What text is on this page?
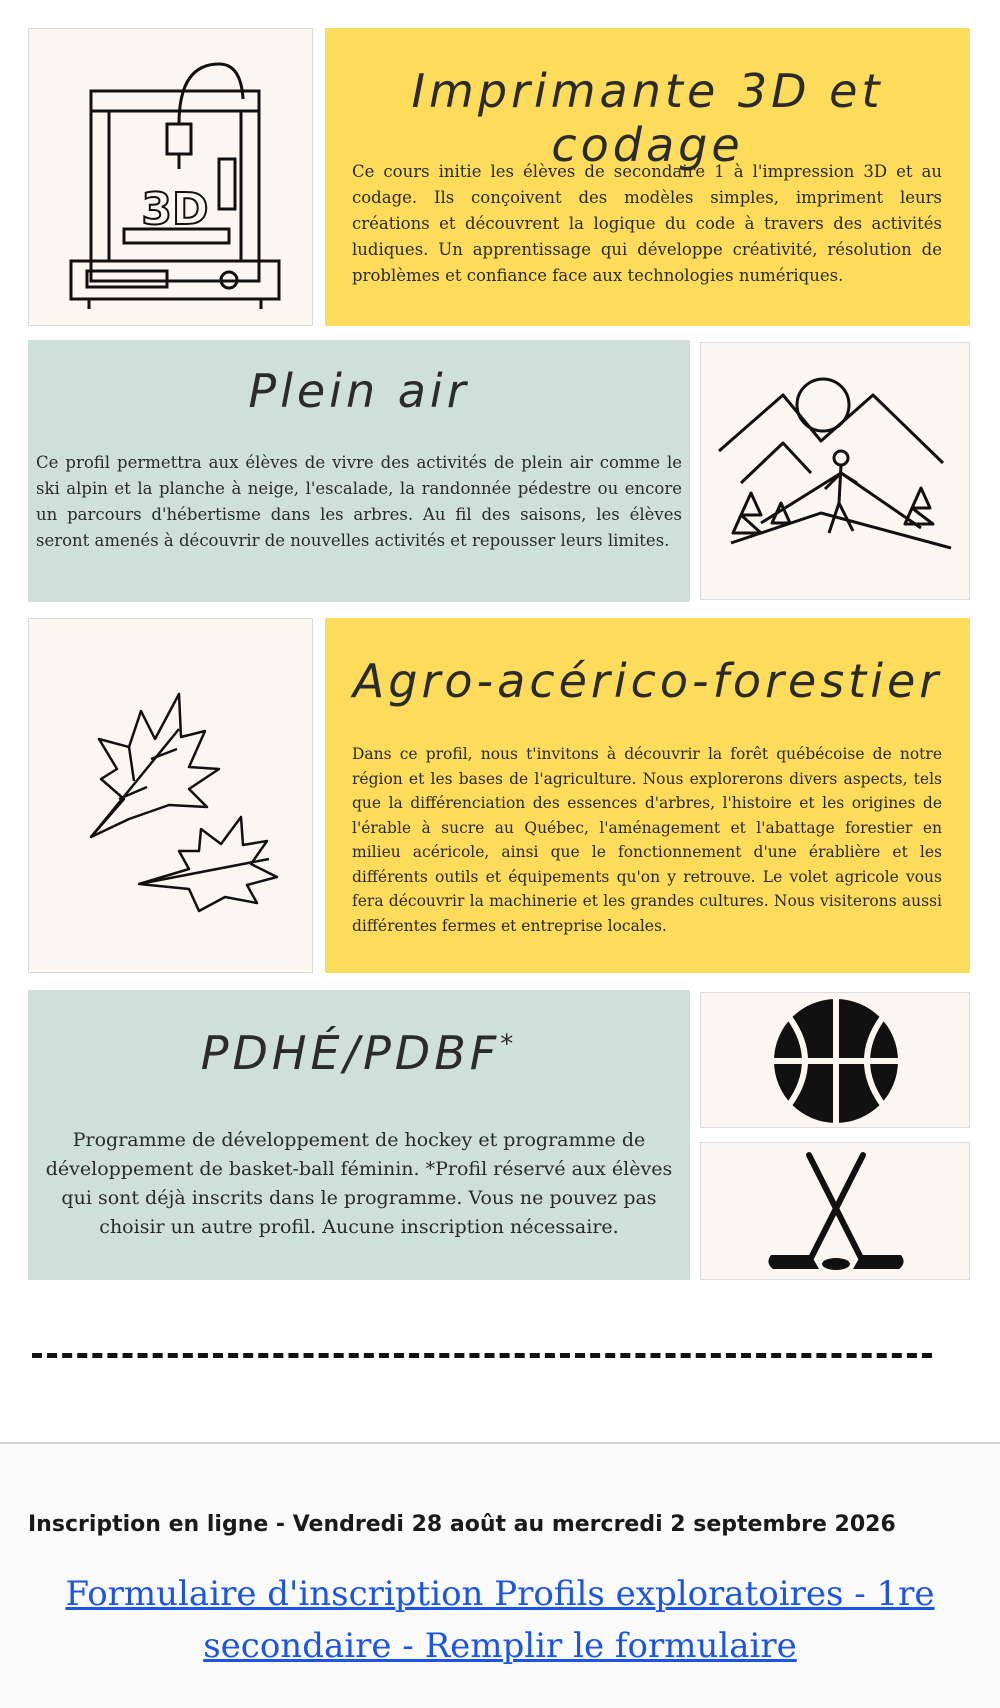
3D
Imprimante 3D et codage
Ce cours initie les élèves de secondaire 1 à l'impression 3D et au codage. Ils conçoivent des modèles simples, impriment leurs créations et découvrent la logique du code à travers des activités ludiques. Un apprentissage qui développe créativité, résolution de problèmes et confiance face aux technologies numériques.
Plein air
Ce profil permettra aux élèves de vivre des activités de plein air comme le ski alpin et la planche à neige, l'escalade, la randonnée pédestre ou encore un parcours d'hébertisme dans les arbres. Au fil des saisons, les élèves seront amenés à découvrir de nouvelles activités et repousser leurs limites.
Agro-acérico-forestier
Dans ce profil, nous t'invitons à découvrir la forêt québécoise de notre région et les bases de l'agriculture. Nous explorerons divers aspects, tels que la différenciation des essences d'arbres, l'histoire et les origines de l'érable à sucre au Québec, l'aménagement et l'abattage forestier en milieu acéricole, ainsi que le fonctionnement d'une érablière et les différents outils et équipements qu'on y retrouve. Le volet agricole vous fera découvrir la machinerie et les grandes cultures. Nous visiterons aussi différentes fermes et entreprise locales.
PDHÉ/PDBF*
Programme de développement de hockey et programme de développement de basket-ball féminin. *Profil réservé aux élèves qui sont déjà inscrits dans le programme. Vous ne pouvez pas choisir un autre profil. Aucune inscription nécessaire.
Inscription en ligne - Vendredi 28 août au mercredi 2 septembre 2026
Formulaire d'inscription Profils exploratoires - 1re secondaire - Remplir le formulaire
